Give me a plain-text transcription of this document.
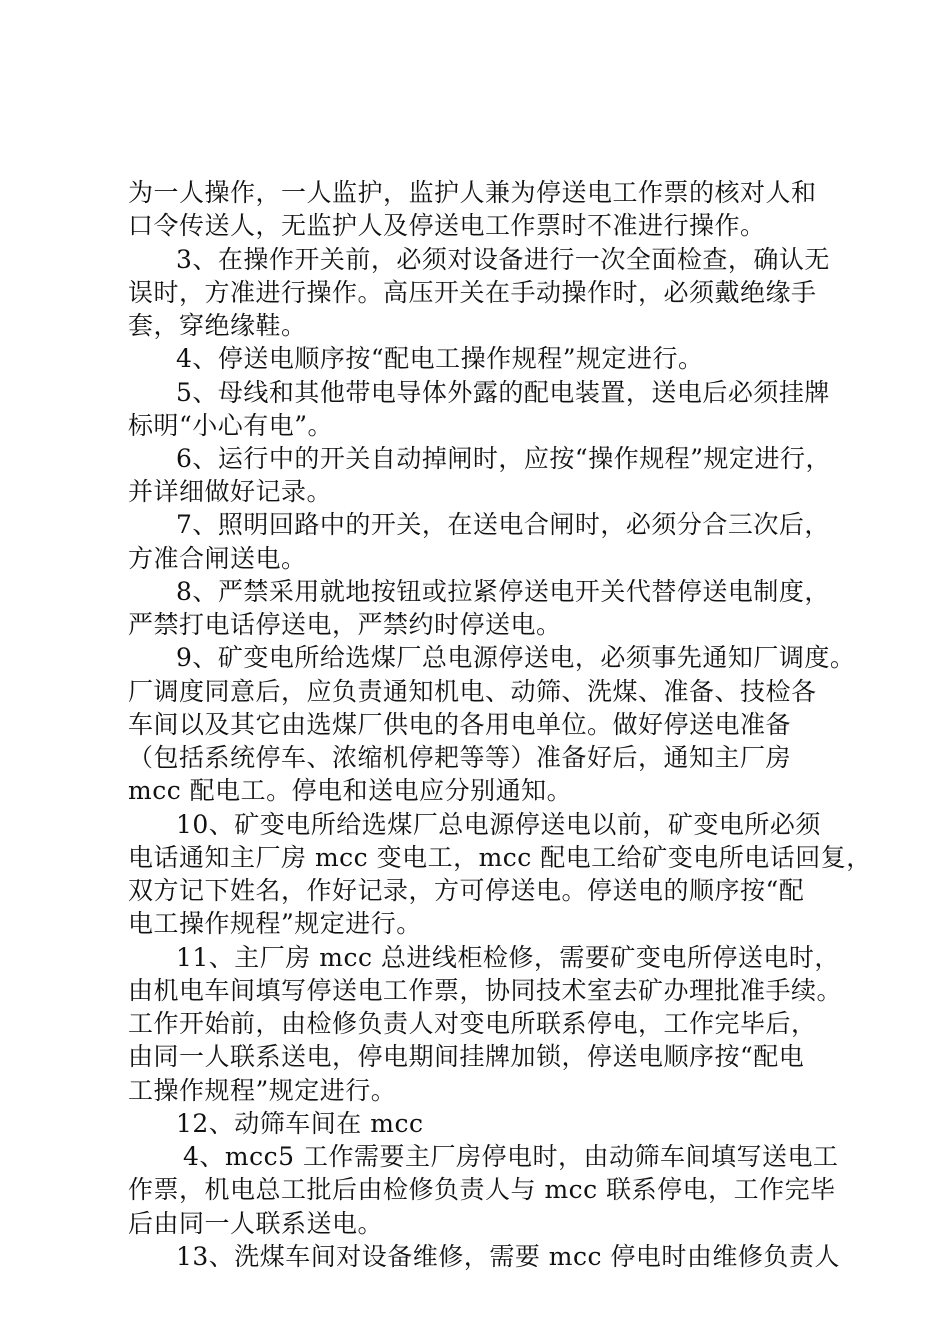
为一人操作，一人监护，监护人兼为停送电工作票的核对人和
口令传送人，无监护人及停送电工作票时不准进行操作。
3、在操作开关前，必须对设备进行一次全面检查，确认无
误时，方准进行操作。高压开关在手动操作时，必须戴绝缘手
套，穿绝缘鞋。
4、停送电顺序按“配电工操作规程”规定进行。
5、母线和其他带电导体外露的配电装置，送电后必须挂牌
标明“小心有电”。
6、运行中的开关自动掉闸时，应按“操作规程”规定进行，
并详细做好记录。
7、照明回路中的开关，在送电合闸时，必须分合三次后，
方准合闸送电。
8、严禁采用就地按钮或拉紧停送电开关代替停送电制度，
严禁打电话停送电，严禁约时停送电。
9、矿变电所给选煤厂总电源停送电，必须事先通知厂调度。
厂调度同意后，应负责通知机电、动筛、洗煤、准备、技检各
车间以及其它由选煤厂供电的各用电单位。做好停送电准备
（包括系统停车、浓缩机停耙等等）准备好后，通知主厂房
mcc 配电工。停电和送电应分别通知。
10、矿变电所给选煤厂总电源停送电以前，矿变电所必须
电话通知主厂房 mcc 变电工，mcc 配电工给矿变电所电话回复，
双方记下姓名，作好记录，方可停送电。停送电的顺序按“配
电工操作规程”规定进行。
11、主厂房 mcc 总进线柜检修，需要矿变电所停送电时，
由机电车间填写停送电工作票，协同技术室去矿办理批准手续。
工作开始前，由检修负责人对变电所联系停电，工作完毕后，
由同一人联系送电，停电期间挂牌加锁，停送电顺序按“配电
工操作规程”规定进行。
12、动筛车间在 mcc
4、mcc5 工作需要主厂房停电时，由动筛车间填写送电工
作票，机电总工批后由检修负责人与 mcc 联系停电，工作完毕
后由同一人联系送电。
13、洗煤车间对设备维修，需要 mcc 停电时由维修负责人
